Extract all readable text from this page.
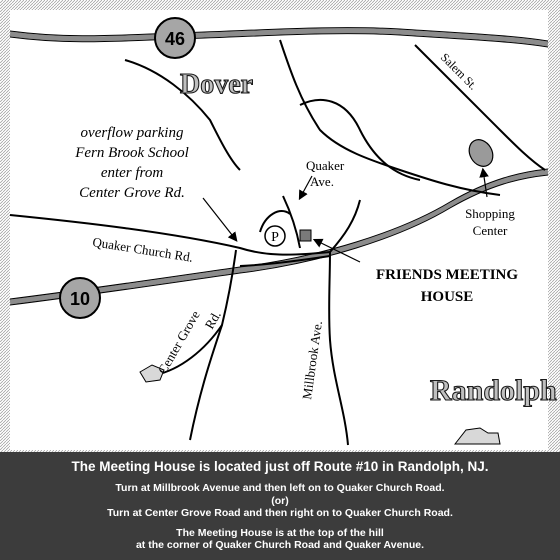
P
46
10
Dover
Randolph
Salem St.
Quaker
Ave.
Quaker Church Rd.
Center Grove
Rd.
Millbrook Ave.
overflow parking
Fern Brook School
enter from
Center Grove Rd.
Shopping
Center
FRIENDS MEETING
HOUSE
The Meeting House is located just off Route #10 in Randolph, NJ.
Turn at Millbrook Avenue and then left on to Quaker Church Road.
(or)
Turn at Center Grove Road and then right on to Quaker Church Road.
The Meeting House is at the top of the hill
at the corner of Quaker Church Road and Quaker Avenue.
